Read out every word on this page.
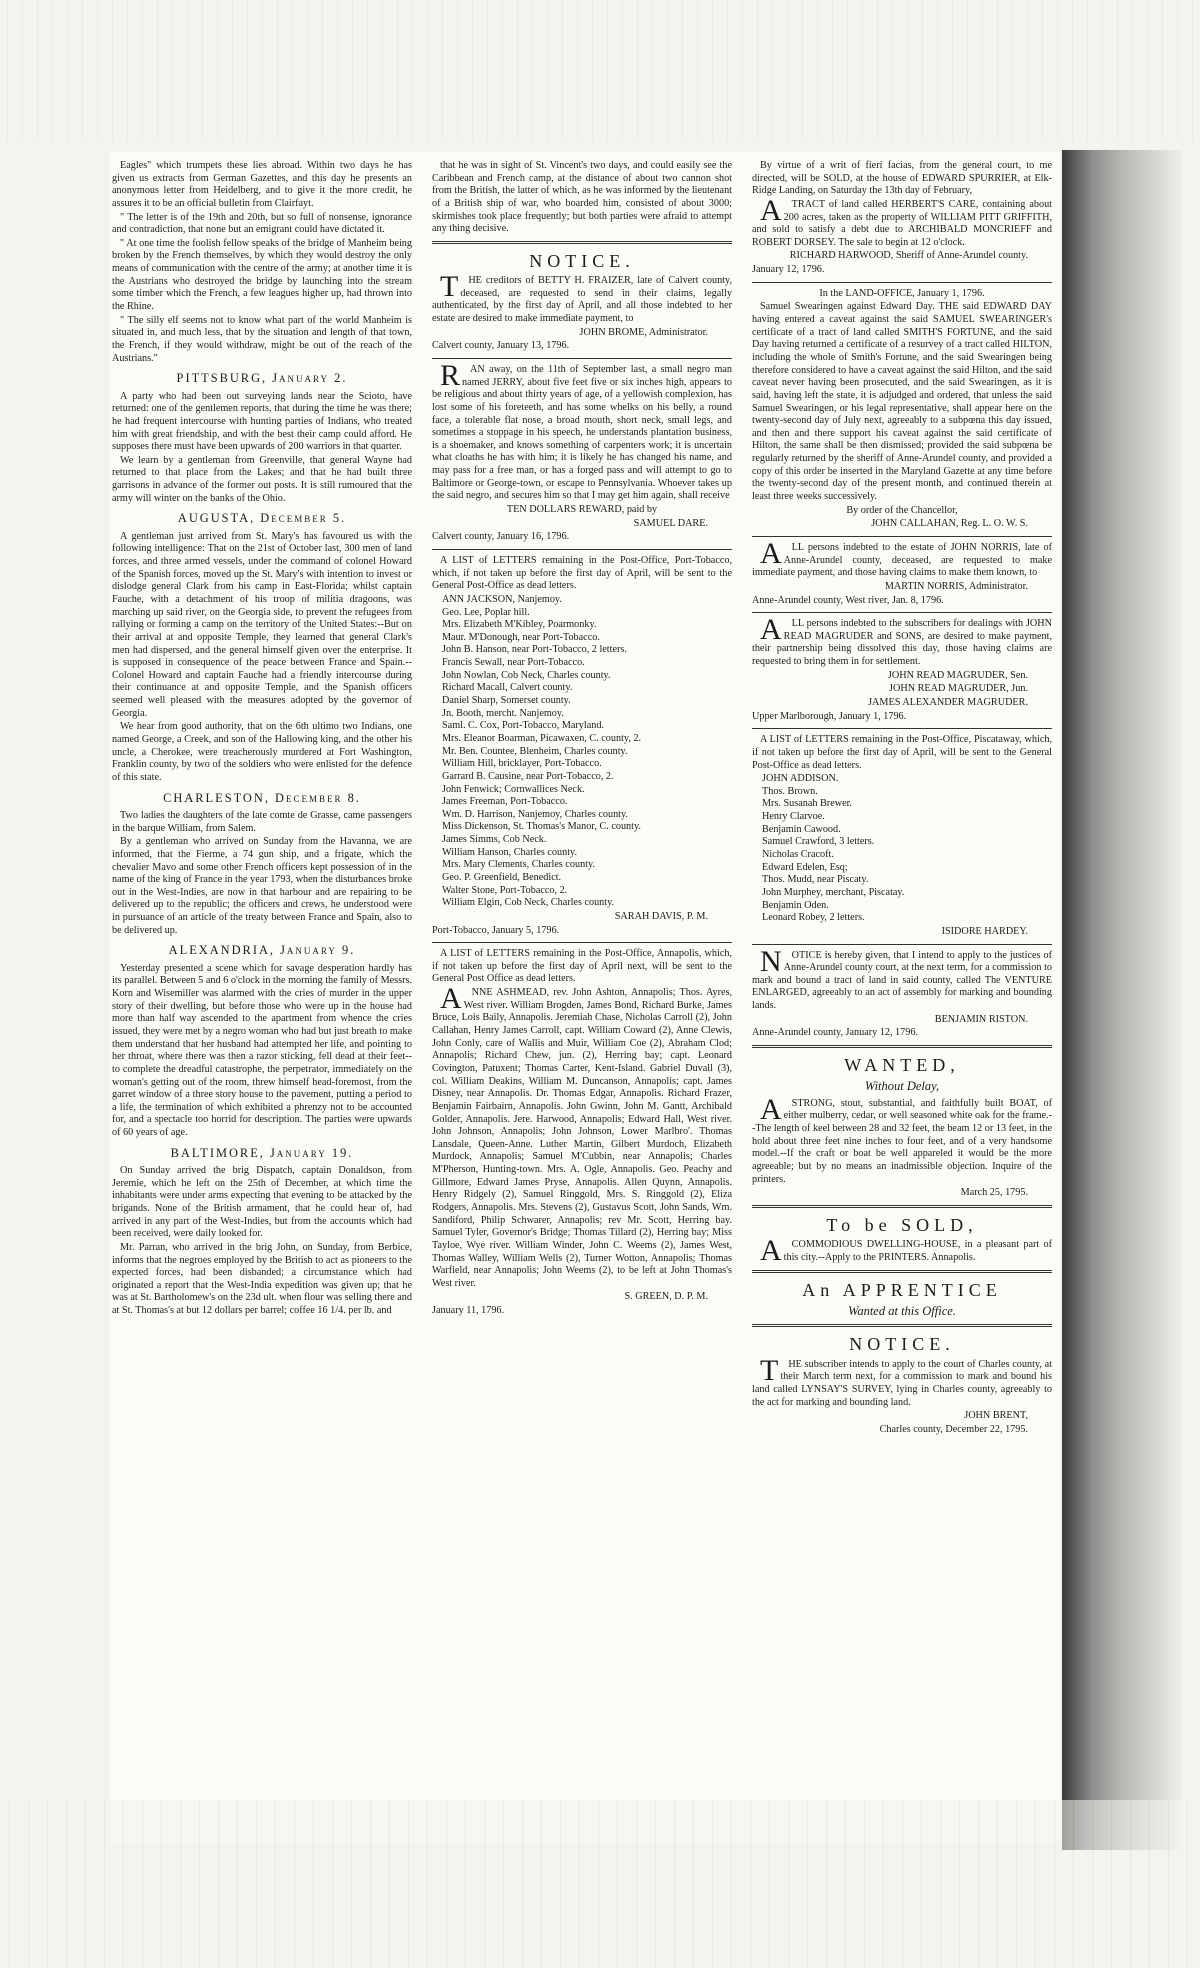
Eagles" which trumpets these lies abroad. Within two days he has given us extracts from German Gazettes, and this day he presents an anonymous letter from Heidelberg, and to give it the more credit, he assures it to be an official bulletin from Clairfayt.

" The letter is of the 19th and 20th, but so full of nonsense, ignorance and contradiction, that none but an emigrant could have dictated it.

" At one time the foolish fellow speaks of the bridge of Manheim being broken by the French themselves, by which they would destroy the only means of communication with the centre of the army; at another time it is the Austrians who destroyed the bridge by launching into the stream some timber which the French, a few leagues higher up, had thrown into the Rhine.

" The silly elf seems not to know what part of the world Manheim is situated in, and much less, that by the situation and length of that town, the French, if they would withdraw, might be out of the reach of the Austrians."

PITTSBURG, January 2.

A party who had been out surveying lands near the Scioto, have returned: one of the gentlemen reports, that during the time he was there; he had frequent intercourse with hunting parties of Indians, who treated him with great friendship, and with the best their camp could afford. He supposes there must have been upwards of 200 warriors in that quarter.

We learn by a gentleman from Greenville, that general Wayne had returned to that place from the Lakes; and that he had built three garrisons in advance of the former out posts. It is still rumoured that the army will winter on the banks of the Ohio.

AUGUSTA, December 5.

A gentleman just arrived from St. Mary's has favoured us with the following intelligence: That on the 21st of October last, 300 men of land forces, and three armed vessels, under the command of colonel Howard of the Spanish forces, moved up the St. Mary's with intention to invest or dislodge general Clark from his camp in East-Florida; whilst captain Fauche, with a detachment of his troop of militia dragoons, was marching up said river, on the Georgia side, to prevent the refugees from rallying or forming a camp on the territory of the United States:--But on their arrival at and opposite Temple, they learned that general Clark's men had dispersed, and the general himself given over the enterprise. It is supposed in consequence of the peace between France and Spain.--Colonel Howard and captain Fauche had a friendly intercourse during their continuance at and opposite Temple, and the Spanish officers seemed well pleased with the measures adopted by the governor of Georgia.

We hear from good authority, that on the 6th ultimo two Indians, one named George, a Creek, and son of the Hallowing king, and the other his uncle, a Cherokee, were treacherously murdered at Fort Washington, Franklin county, by two of the soldiers who were enlisted for the defence of this state.

CHARLESTON, December 8.

Two ladies the daughters of the late comte de Grasse, came passengers in the barque William, from Salem.

By a gentleman who arrived on Sunday from the Havanna, we are informed, that the Fierme, a 74 gun ship, and a frigate, which the chevalier Mavo and some other French officers kept possession of in the name of the king of France in the year 1793, when the disturbances broke out in the West-Indies, are now in that harbour and are repairing to be delivered up to the republic; the officers and crews, he understood were in pursuance of an article of the treaty between France and Spain, also to be delivered up.

ALEXANDRIA, January 9.

Yesterday presented a scene which for savage desperation hardly has its parallel. Between 5 and 6 o'clock in the morning the family of Messrs. Korn and Wisemiller was alarmed with the cries of murder in the upper story of their dwelling, but before those who were up in the house had more than half way ascended to the apartment from whence the cries issued, they were met by a negro woman who had but just breath to make them understand that her husband had attempted her life, and pointing to her throat, where there was then a razor sticking, fell dead at their feet--to complete the dreadful catastrophe, the perpetrator, immediately on the woman's getting out of the room, threw himself head-foremost, from the garret window of a three story house to the pavement, putting a period to a life, the termination of which exhibited a phrenzy not to be accounted for, and a spectacle too horrid for description. The parties were upwards of 60 years of age.

BALTIMORE, January 19.

On Sunday arrived the brig Dispatch, captain Donaldson, from Jeremie, which he left on the 25th of December, at which time the inhabitants were under arms expecting that evening to be attacked by the brigands. None of the British armament, that he could hear of, had arrived in any part of the West-Indies, but from the accounts which had been received, were daily looked for.

Mr. Parran, who arrived in the brig John, on Sunday, from Berbice, informs that the negroes employed by the British to act as pioneers to the expected forces, had been disbanded; a circumstance which had originated a report that the West-India expedition was given up; that he was at St. Bartholomew's on the 23d ult. when flour was selling there and at St. Thomas's at but 12 dollars per barrel; coffee 16 1/4. per lb. and

that he was in sight of St. Vincent's two days, and could easily see the Caribbean and French camp, at the distance of about two cannon shot from the British, the latter of which, as he was informed by the lieutenant of a British ship of war, who boarded him, consisted of about 3000; skirmishes took place frequently; but both parties were afraid to attempt any thing decisive.

NOTICE.

THE creditors of BETTY H. FRAIZER, late of Calvert county, deceased, are requested to send in their claims, legally authenticated, by the first day of April, and all those indebted to her estate are desired to make immediate payment, to

JOHN BROME, Administrator.
Calvert county, January 13, 1796.

RAN away, on the 11th of September last, a small negro man named JERRY, about five feet five or six inches high, appears to be religious and about thirty years of age, of a yellowish complexion, has lost some of his foreteeth, and has some whelks on his belly, a round face, a tolerable flat nose, a broad mouth, short neck, small legs, and sometimes a stoppage in his speech, he understands plantation business, is a shoemaker, and knows something of carpenters work; it is uncertain what cloaths he has with him; it is likely he has changed his name, and may pass for a free man, or has a forged pass and will attempt to go to Baltimore or George-town, or escape to Pennsylvania. Whoever takes up the said negro, and secures him so that I may get him again, shall receive

TEN DOLLARS REWARD, paid by
SAMUEL DARE.
Calvert county, January 16, 1796.

A LIST of LETTERS remaining in the Post-Office, Port-Tobacco, which, if not taken up before the first day of April, will be sent to the General Post-Office as dead letters.

ANN JACKSON, Nanjemoy.
Geo. Lee, Poplar hill.
Mrs. Elizabeth M'Kibley, Poarmonky.
Maur. M'Donough, near Port-Tobacco.
John B. Hanson, near Port-Tobacco, 2 letters.
Francis Sewall, near Port-Tobacco.
John Nowlan, Cob Neck, Charles county.
Richard Macall, Calvert county.
Daniel Sharp, Somerset county.
Jn. Booth, mercht. Nanjemoy.
Saml. C. Cox, Port-Tobacco, Maryland.
Mrs. Eleanor Boarman, Picawaxen, C. county, 2.
Mr. Ben. Countee, Blenheim, Charles county.
William Hill, bricklayer, Port-Tobacco.
Garrard B. Causine, near Port-Tobacco, 2.
John Fenwick; Cornwallices Neck.
James Freeman, Port-Tobacco.
Wm. D. Harrison, Nanjemoy, Charles county.
Miss Dickenson, St. Thomas's Manor, C. county.
James Simms, Cob Neck.
William Hanson, Charles county.
Mrs. Mary Clements, Charles county.
Geo. P. Greenfield, Benedict.
Walter Stone, Port-Tobacco, 2.
William Elgin, Cob Neck, Charles county.
SARAH DAVIS, P. M.
Port-Tobacco, January 5, 1796.

A LIST of LETTERS remaining in the Post-Office, Annapolis, which, if not taken up before the first day of April next, will be sent to the General Post Office as dead letters.

ANNE ASHMEAD, rev. John Ashton, Annapolis; Thos. Ayres, West river. William Brogden, James Bond, Richard Burke, James Bruce, Lois Baily, Annapolis. Jeremiah Chase, Nicholas Carroll (2), John Callahan, Henry James Carroll, capt. William Coward (2), Anne Clewis, John Conly, care of Wallis and Muir, William Coe (2), Abraham Clod; Annapolis; Richard Chew, jun. (2), Herring bay; capt. Leonard Covington, Patuxent; Thomas Carter, Kent-Island. Gabriel Duvall (3), col. William Deakins, William M. Duncanson, Annapolis; capt. James Disney, near Annapolis. Dr. Thomas Edgar, Annapolis. Richard Frazer, Benjamin Fairbairn, Annapolis. John Gwinn, John M. Gantt, Archibald Golder, Annapolis. Jere. Harwood, Annapolis; Edward Hall, West river. John Johnson, Annapolis; John Johnson, Lower Marlbro'. Thomas Lansdale, Queen-Anne. Luther Martin, Gilbert Murdoch, Elizabeth Murdock, Annapolis; Samuel M'Cubbin, near Annapolis; Charles M'Pherson, Hunting-town. Mrs. A. Ogle, Annapolis. Geo. Peachy and Gillmore, Edward James Pryse, Annapolis. Allen Quynn, Annapolis. Henry Ridgely (2), Samuel Ringgold, Mrs. S. Ringgold (2), Eliza Rodgers, Annapolis. Mrs. Stevens (2), Gustavus Scott, John Sands, Wm. Sandiford, Philip Schwarer, Annapolis; rev Mr. Scott, Herring bay. Samuel Tyler, Governor's Bridge; Thomas Tillard (2), Herring bay; Miss Tayloe, Wye river. William Winder, John C. Weems (2), James West, Thomas Walley, William Wells (2), Turner Wotton, Annapolis; Thomas Warfield, near Annapolis; John Weems (2), to be left at John Thomas's West river.

S. GREEN, D. P. M.
January 11, 1796.

By virtue of a writ of fieri facias, from the general court, to me directed, will be SOLD, at the house of EDWARD SPURRIER, at Elk-Ridge Landing, on Saturday the 13th day of February,

ATRACT of land called HERBERT'S CARE, containing about 200 acres, taken as the property of WILLIAM PITT GRIFFITH, and sold to satisfy a debt due to ARCHIBALD MONCRIEFF and ROBERT DORSEY. The sale to begin at 12 o'clock.

RICHARD HARWOOD, Sheriff of Anne-Arundel county.
January 12, 1796.
In the LAND-OFFICE, January 1, 1796.

Samuel Swearingen against Edward Day. THE said EDWARD DAY having entered a caveat against the said SAMUEL SWEARINGER's certificate of a tract of land called SMITH'S FORTUNE, and the said Day having returned a certificate of a resurvey of a tract called HILTON, including the whole of Smith's Fortune, and the said Swearingen being therefore considered to have a caveat against the said Hilton, and the said caveat never having been prosecuted, and the said Swearingen, as it is said, having left the state, it is adjudged and ordered, that unless the said Samuel Swearingen, or his legal representative, shall appear here on the twenty-second day of July next, agreeably to a subpœna this day issued, and then and there support his caveat against the said certificate of Hilton, the same shall be then dismissed; provided the said subpœna be regularly returned by the sheriff of Anne-Arundel county, and provided a copy of this order be inserted in the Maryland Gazette at any time before the twenty-second day of the present month, and continued therein at least three weeks successively.

By order of the Chancellor,
JOHN CALLAHAN, Reg. L. O. W. S.

ALL persons indebted to the estate of JOHN NORRIS, late of Anne-Arundel county, deceased, are requested to make immediate payment, and those having claims to make them known, to

MARTIN NORRIS, Administrator.
Anne-Arundel county, West river, Jan. 8, 1796.

ALL persons indebted to the subscribers for dealings with JOHN READ MAGRUDER and SONS, are desired to make payment, their partnership being dissolved this day, those having claims are requested to bring them in for settlement.

JOHN READ MAGRUDER, Sen.
JOHN READ MAGRUDER, Jun.
JAMES ALEXANDER MAGRUDER.
Upper Marlborough, January 1, 1796.

A LIST of LETTERS remaining in the Post-Office, Piscataway, which, if not taken up before the first day of April, will be sent to the General Post-Office as dead letters.

JOHN ADDISON.
Thos. Brown.
Mrs. Susanah Brewer.
Henry Clarvoe.
Benjamin Cawood.
Samuel Crawford, 3 letters.
Nicholas Cracoft.
Edward Edelen, Esq;
Thos. Mudd, near Piscaty.
John Murphey, merchant, Piscatay.
Benjamin Oden.
Leonard Robey, 2 letters.
ISIDORE HARDEY.

NOTICE is hereby given, that I intend to apply to the justices of Anne-Arundel county court, at the next term, for a commission to mark and bound a tract of land in said county, called The VENTURE ENLARGED, agreeably to an act of assembly for marking and bounding lands.

BENJAMIN RISTON.
Anne-Arundel county, January 12, 1796.
WANTED,
Without Delay,

ASTRONG, stout, substantial, and faithfully built BOAT, of either mulberry, cedar, or well seasoned white oak for the frame.--The length of keel between 28 and 32 feet, the beam 12 or 13 feet, in the hold about three feet nine inches to four feet, and of a very handsome model.--If the craft or boat be well appareled it would be the more agreeable; but by no means an inadmissible objection. Inquire of the printers.

March 25, 1795.
To be SOLD,

ACOMMODIOUS DWELLING-HOUSE, in a pleasant part of this city.--Apply to the PRINTERS. Annapolis.

An APPRENTICE
Wanted at this Office.
NOTICE.

THE subscriber intends to apply to the court of Charles county, at their March term next, for a commission to mark and bound his land called LYNSAY'S SURVEY, lying in Charles county, agreeably to the act for marking and bounding land.

JOHN BRENT,
Charles county, December 22, 1795.
